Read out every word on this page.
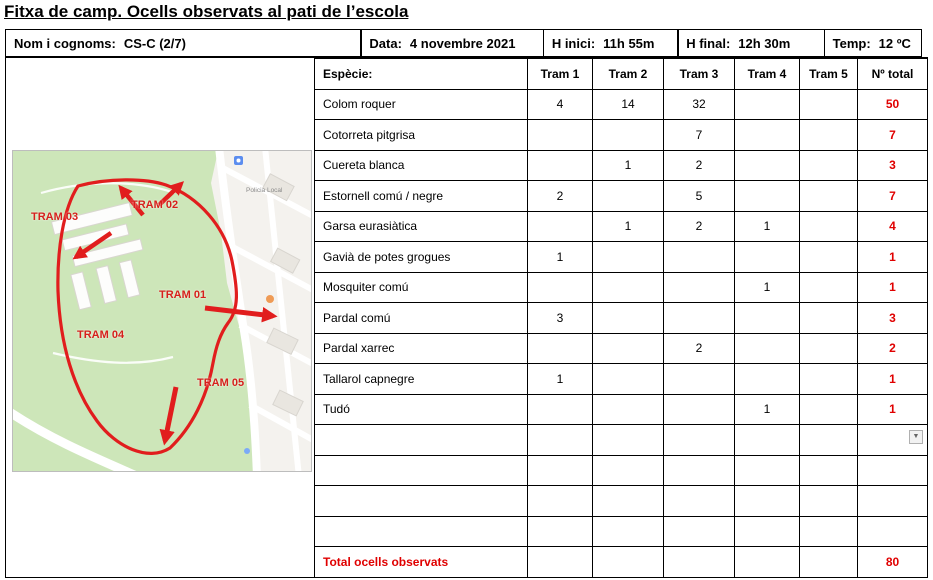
Fitxa de camp. Ocells observats al pati de l’escola
Nom i cognoms: CS-C (2/7)	Data: 4 novembre 2021	H inici: 11h 55m H final: 12h 30m	Temp: 12 ºC
TRAM 01
TRAM 02
TRAM 03
TRAM 04
TRAM 05
Policia Local
Espècie:	Tram 1	Tram 2	Tram 3	Tram 4	Tram 5	Nº total
Colom roquer	4	14	32			50
Cotorreta pitgrisa			7			7
Cuereta blanca		1	2			3
Estornell comú / negre	2		5			7
Garsa eurasiàtica		1	2	1		4
Gavià de potes grogues	1					1
Mosquiter comú				1		1
Pardal comú	3					3
Pardal xarrec			2			2
Tallarol capnegre	1					1
Tudó				1		1

Total ocells observats						80
▼
